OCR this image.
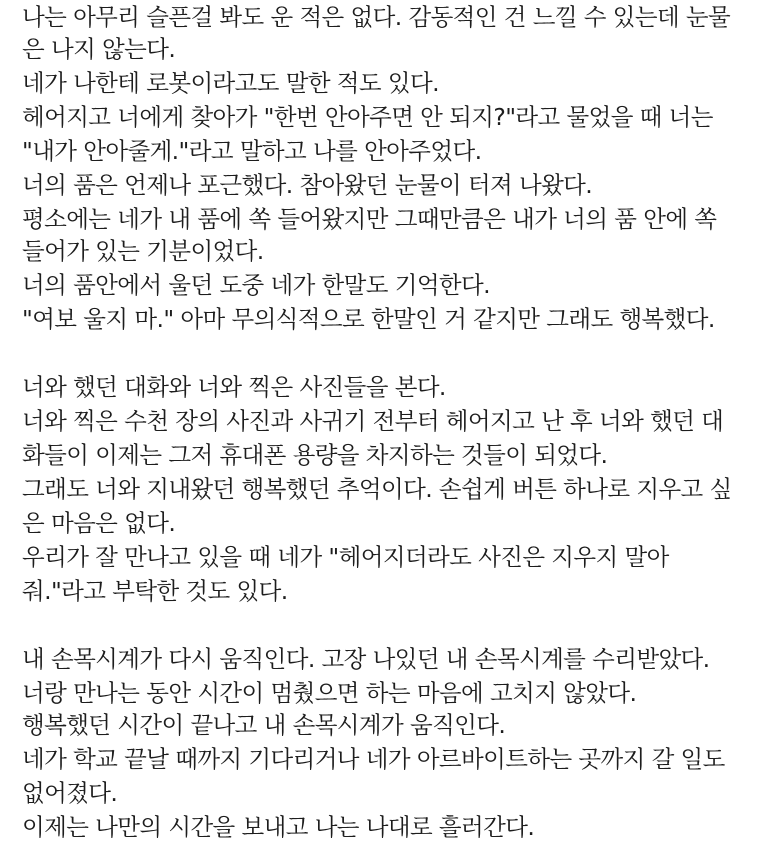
나는 아무리 슬픈걸 봐도 운 적은 없다. 감동적인 건 느낄 수 있는데 눈물

은 나지 않는다.

네가 나한테 로봇이라고도 말한 적도 있다.

헤어지고 너에게 찾아가 "한번 안아주면 안 되지?"라고 물었을 때 너는

"내가 안아줄게."라고 말하고 나를 안아주었다.

너의 품은 언제나 포근했다. 참아왔던 눈물이 터져 나왔다.

평소에는 네가 내 품에 쏙 들어왔지만 그때만큼은 내가 너의 품 안에 쏙

들어가 있는 기분이었다.

너의 품안에서 울던 도중 네가 한말도 기억한다.

"여보 울지 마." 아마 무의식적으로 한말인 거 같지만 그래도 행복했다.

너와 했던 대화와 너와 찍은 사진들을 본다.

너와 찍은 수천 장의 사진과 사귀기 전부터 헤어지고 난 후 너와 했던 대

화들이 이제는 그저 휴대폰 용량을 차지하는 것들이 되었다.

그래도 너와 지내왔던 행복했던 추억이다. 손쉽게 버튼 하나로 지우고 싶

은 마음은 없다.

우리가 잘 만나고 있을 때 네가 "헤어지더라도 사진은 지우지 말아

줘."라고 부탁한 것도 있다.

내 손목시계가 다시 움직인다. 고장 나있던 내 손목시계를 수리받았다.

너랑 만나는 동안 시간이 멈췄으면 하는 마음에 고치지 않았다.

행복했던 시간이 끝나고 내 손목시계가 움직인다.

네가 학교 끝날 때까지 기다리거나 네가 아르바이트하는 곳까지 갈 일도

없어졌다.

이제는 나만의 시간을 보내고 나는 나대로 흘러간다.
